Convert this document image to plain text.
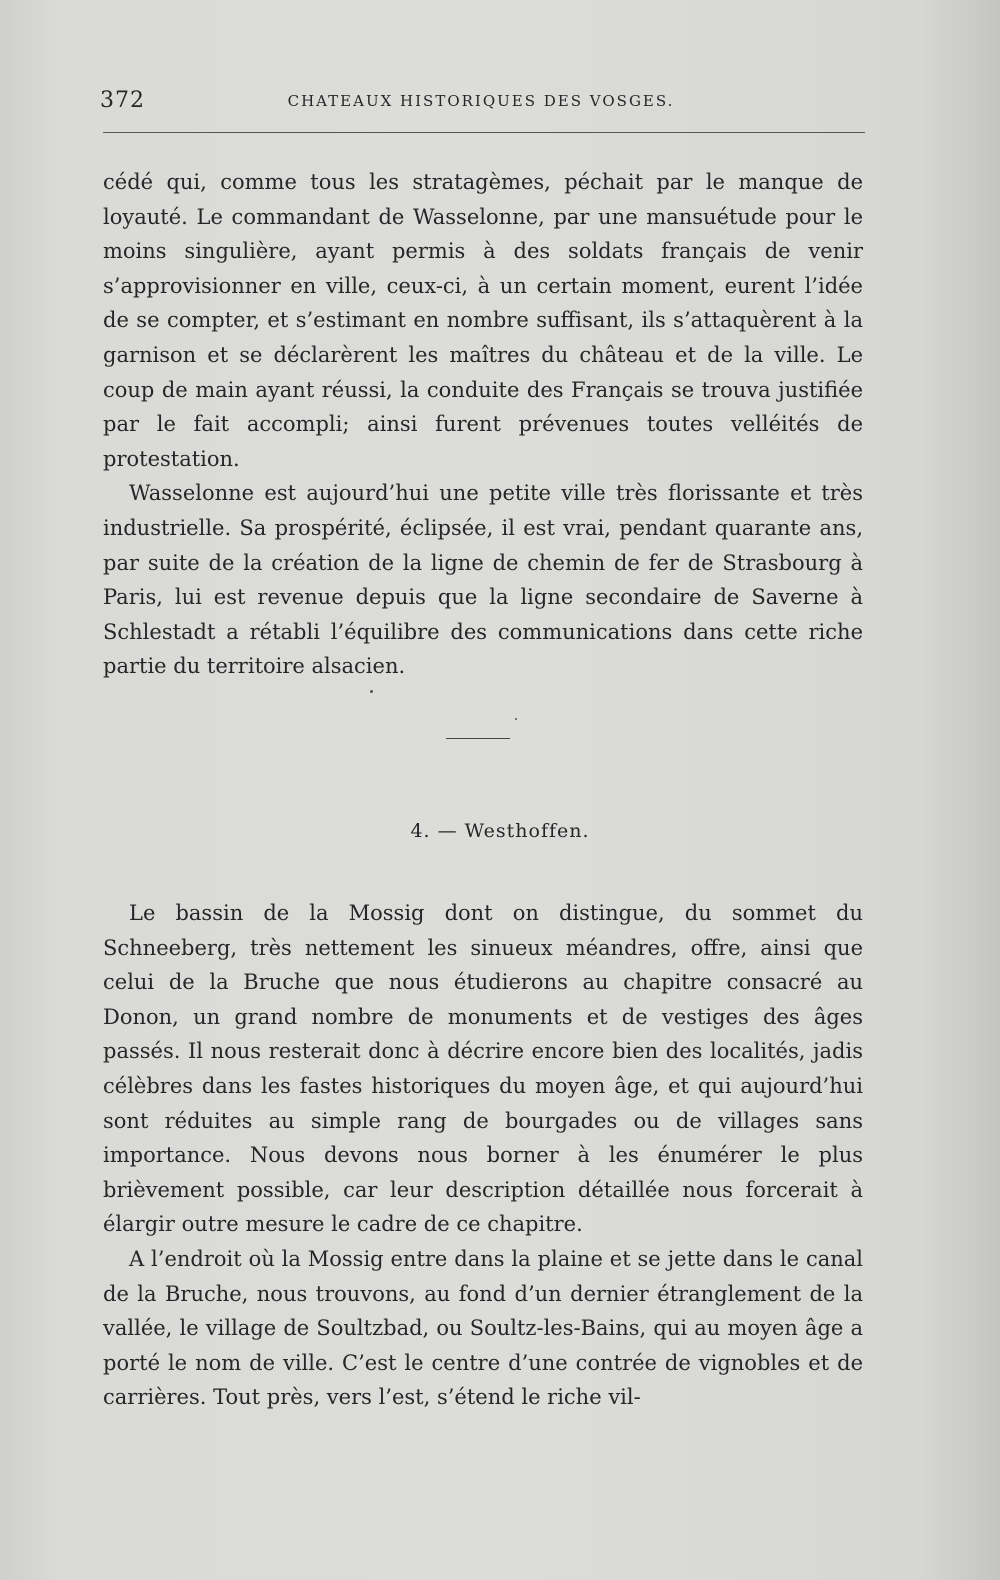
372	CHATEAUX HISTORIQUES DES VOSGES.

cédé qui, comme tous les stratagèmes, péchait par le manque de loyauté. Le commandant de Wasselonne, par une mansuétude pour le moins singulière, ayant permis à des soldats français de venir s’approvisionner en ville, ceux-ci, à un certain moment, eurent l’idée de se compter, et s’estimant en nombre suffisant, ils s’attaquèrent à la garnison et se déclarèrent les maîtres du château et de la ville. Le coup de main ayant réussi, la conduite des Français se trouva justifiée par le fait accompli; ainsi furent prévenues toutes velléités de protestation.

Wasselonne est aujourd’hui une petite ville très florissante et très industrielle. Sa prospérité, éclipsée, il est vrai, pendant quarante ans, par suite de la création de la ligne de chemin de fer de Strasbourg à Paris, lui est revenue depuis que la ligne secondaire de Saverne à Schlestadt a rétabli l’équilibre des communications dans cette riche partie du territoire alsacien.

4. — Westhoffen.

Le bassin de la Mossig dont on distingue, du sommet du Schneeberg, très nettement les sinueux méandres, offre, ainsi que celui de la Bruche que nous étudierons au chapitre consacré au Donon, un grand nombre de monuments et de vestiges des âges passés. Il nous resterait donc à décrire encore bien des localités, jadis célèbres dans les fastes historiques du moyen âge, et qui aujourd’hui sont réduites au simple rang de bourgades ou de villages sans importance. Nous devons nous borner à les énumérer le plus brièvement possible, car leur description détaillée nous forcerait à élargir outre mesure le cadre de ce chapitre.

A l’endroit où la Mossig entre dans la plaine et se jette dans le canal de la Bruche, nous trouvons, au fond d’un dernier étranglement de la vallée, le village de Soultzbad, ou Soultz-les-Bains, qui au moyen âge a porté le nom de ville. C’est le centre d’une contrée de vignobles et de carrières. Tout près, vers l’est, s’étend le riche vil-
